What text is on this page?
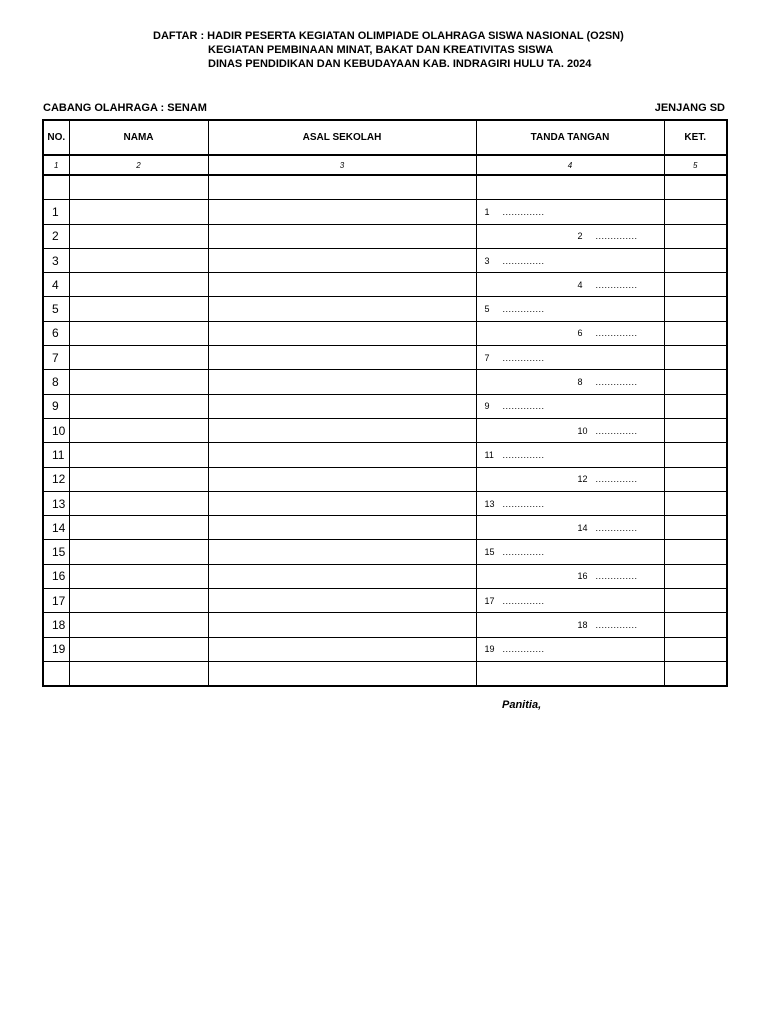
DAFTAR : HADIR PESERTA KEGIATAN OLIMPIADE OLAHRAGA SISWA NASIONAL (O2SN)
KEGIATAN PEMBINAAN MINAT, BAKAT DAN KREATIVITAS SISWA
DINAS PENDIDIKAN DAN KEBUDAYAAN KAB. INDRAGIRI HULU TA. 2024
CABANG OLAHRAGA : SENAM	JENJANG SD
NO.	NAMA	ASAL SEKOLAH	TANDA TANGAN	KET.
1	2	3	4	5

1			1 ..............	

2			2 ..............	

3			3 ..............	

4			4 ..............	

5			5 ..............	

6			6 ..............	

7			7 ..............	

8			8 ..............	

9			9 ..............	

10			10 ..............	

11			11 ..............	

12			12 ..............	

13			13 ..............	

14			14 ..............	

15			15 ..............	

16			16 ..............	

17			17 ..............	

18			18 ..............	

19			19 ..............	

Panitia,
